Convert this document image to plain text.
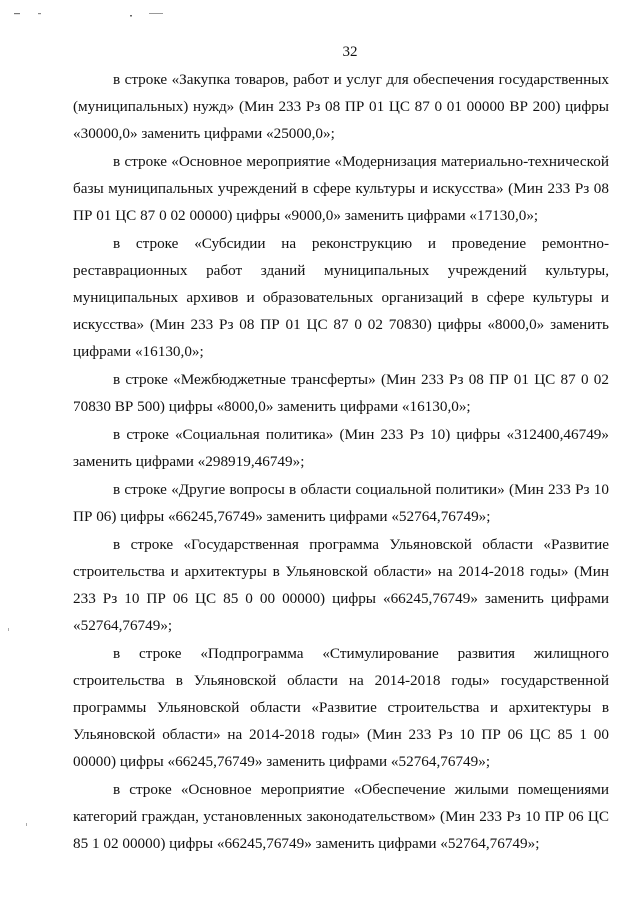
32

в строке «Закупка товаров, работ и услуг для обеспечения государственных (муниципальных) нужд» (Мин 233 Рз 08 ПР 01 ЦС 87 0 01 00000 ВР 200) цифры «30000,0» заменить цифрами «25000,0»;

в строке «Основное мероприятие «Модернизация материально-технической базы муниципальных учреждений в сфере культуры и искусства» (Мин 233 Рз 08 ПР 01 ЦС 87 0 02 00000) цифры «9000,0» заменить цифрами «17130,0»;

в строке «Субсидии на реконструкцию и проведение ремонтно-реставрационных работ зданий муниципальных учреждений культуры, муниципальных архивов и образовательных организаций в сфере культуры и искусства» (Мин 233 Рз 08 ПР 01 ЦС 87 0 02 70830) цифры «8000,0» заменить цифрами «16130,0»;

в строке «Межбюджетные трансферты» (Мин 233 Рз 08 ПР 01 ЦС 87 0 02 70830 ВР 500) цифры «8000,0» заменить цифрами «16130,0»;

в строке «Социальная политика» (Мин 233 Рз 10) цифры «312400,46749» заменить цифрами «298919,46749»;

в строке «Другие вопросы в области социальной политики» (Мин 233 Рз 10 ПР 06) цифры «66245,76749» заменить цифрами «52764,76749»;

в строке «Государственная программа Ульяновской области «Развитие строительства и архитектуры в Ульяновской области» на 2014-2018 годы» (Мин 233 Рз 10 ПР 06 ЦС 85 0 00 00000) цифры «66245,76749» заменить цифрами «52764,76749»;

в строке «Подпрограмма «Стимулирование развития жилищного строительства в Ульяновской области на 2014-2018 годы» государственной программы Ульяновской области «Развитие строительства и архитектуры в Ульяновской области» на 2014-2018 годы» (Мин 233 Рз 10 ПР 06 ЦС 85 1 00 00000) цифры «66245,76749» заменить цифрами «52764,76749»;

в строке «Основное мероприятие «Обеспечение жилыми помещениями категорий граждан, установленных законодательством» (Мин 233 Рз 10 ПР 06 ЦС 85 1 02 00000) цифры «66245,76749» заменить цифрами «52764,76749»;
